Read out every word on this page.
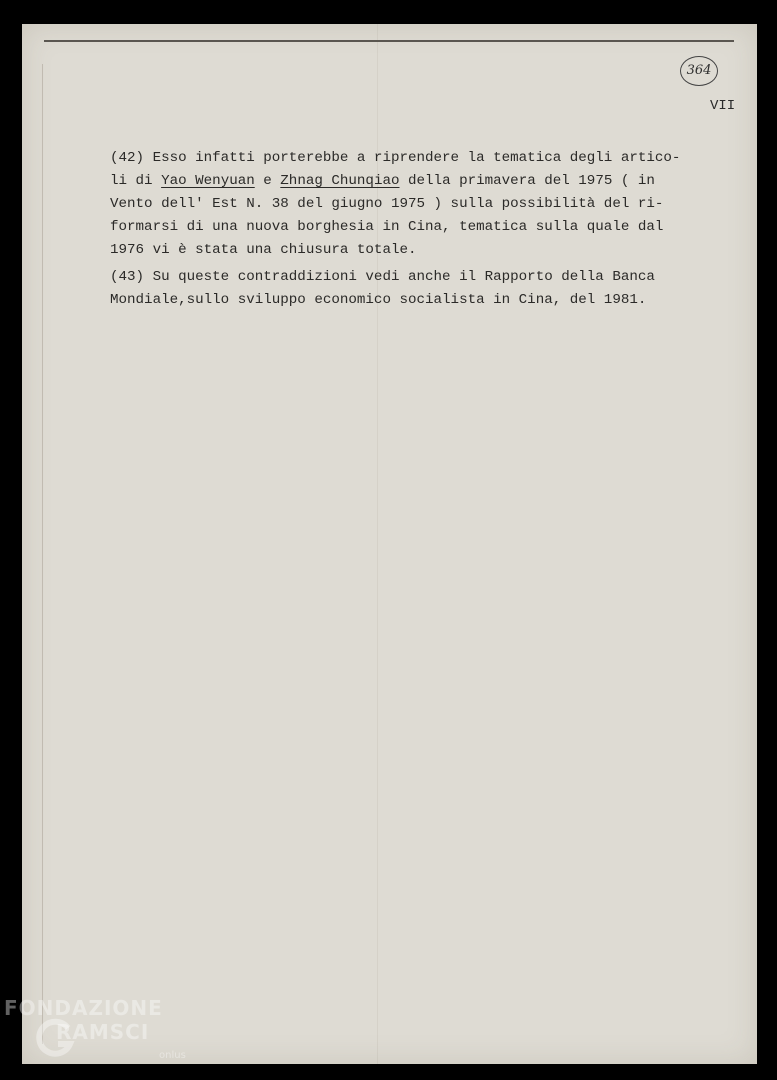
364
VII
(42) Esso infatti porterebbe a riprendere la tematica degli artico-
li di Yao Wenyuan e Zhnag Chunqiao della primavera del 1975 ( in
Vento dell' Est N. 38 del giugno 1975 ) sulla possibilità del ri-
formarsi di una nuova borghesia in Cina, tematica sulla quale dal
1976 vi è stata una chiusura totale.
(43) Su queste contraddizioni vedi anche il Rapporto della Banca
Mondiale,sullo sviluppo economico socialista in Cina, del 1981.
FONDAZIONE
RAMSCI
onlus
